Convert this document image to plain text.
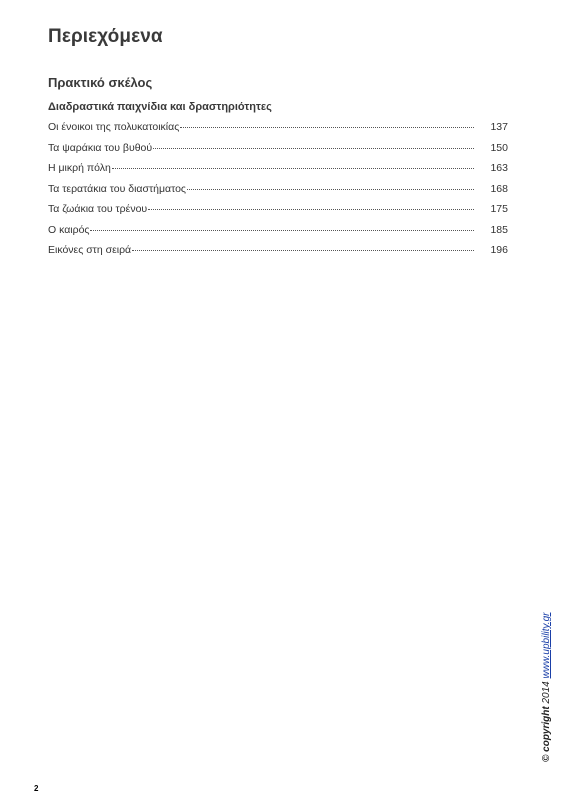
Περιεχόμενα
Πρακτικό σκέλος
Διαδραστικά παιχνίδια και δραστηριότητες
Οι ένοικοι της πολυκατοικίας	137
Τα ψαράκια του βυθού	150
Η μικρή πόλη	163
Τα τερατάκια του διαστήματος	168
Τα ζωάκια του τρένου	175
Ο καιρός	185
Εικόνες στη σειρά	196
© copyright 2014 www.upbility.gr
2
